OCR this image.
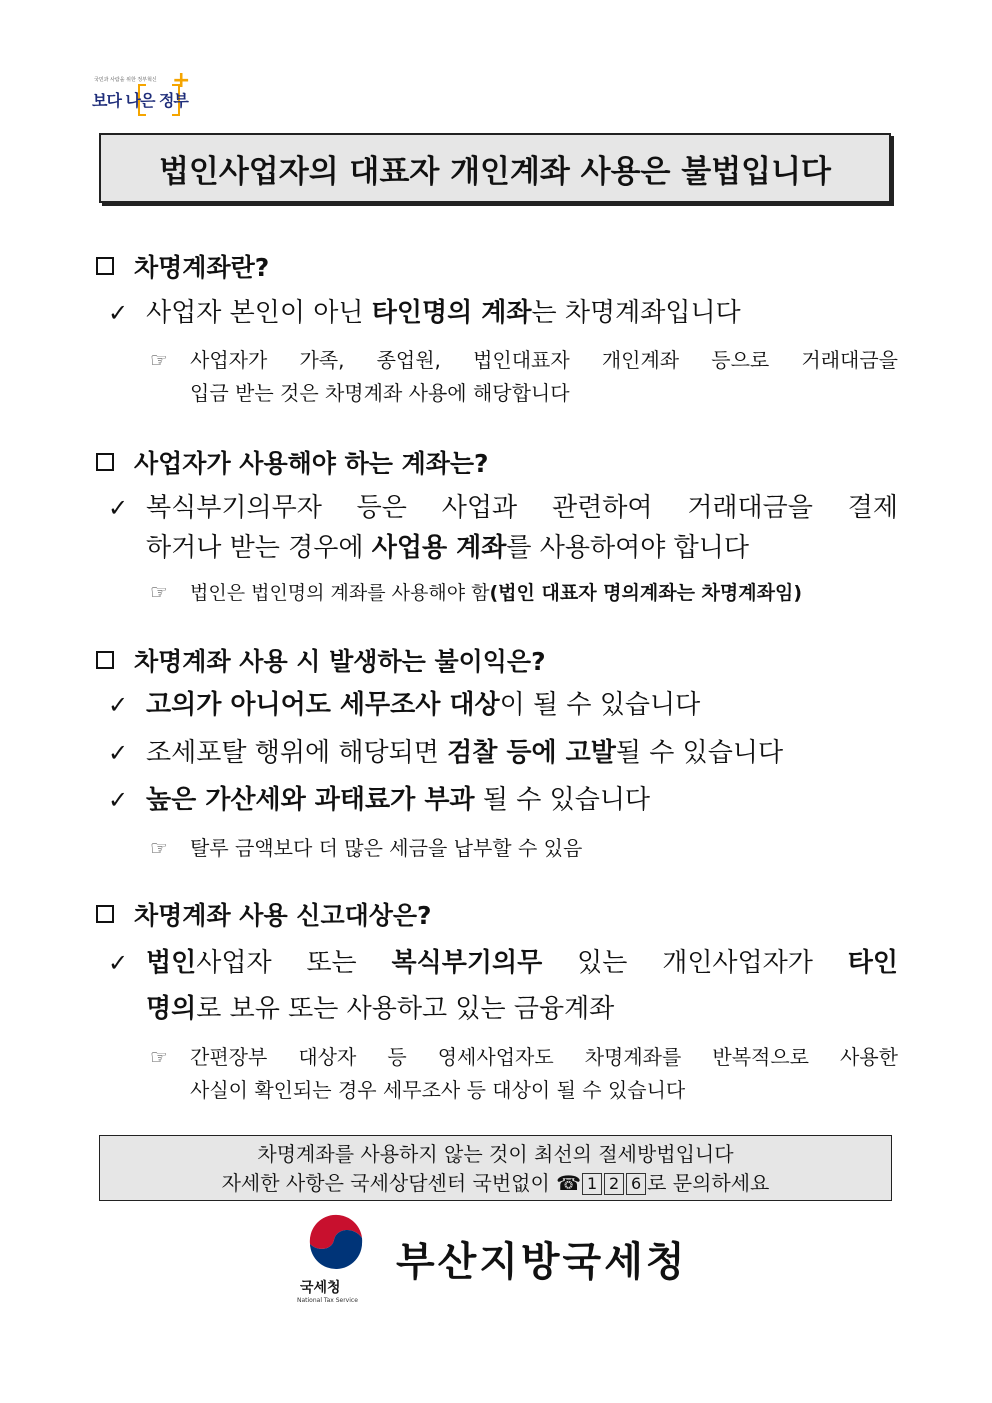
국민과 사람을 위한 정부혁신
보다 나은 정부
+
법인사업자의 대표자 개인계좌 사용은 불법입니다
차명계좌란?
✓ 사업자 본인이 아닌 타인명의 계좌는 차명계좌입니다
☞ 사업자가 가족, 종업원, 법인대표자 개인계좌 등으로 거래대금을
입금 받는 것은 차명계좌 사용에 해당합니다
사업자가 사용해야 하는 계좌는?
✓ 복식부기의무자 등은 사업과 관련하여 거래대금을 결제
하거나 받는 경우에 사업용 계좌를 사용하여야 합니다
☞ 법인은 법인명의 계좌를 사용해야 함(법인 대표자 명의계좌는 차명계좌임)
차명계좌 사용 시 발생하는 불이익은?
✓ 고의가 아니어도 세무조사 대상이 될 수 있습니다
✓ 조세포탈 행위에 해당되면 검찰 등에 고발될 수 있습니다
✓ 높은 가산세와 과태료가 부과 될 수 있습니다
☞ 탈루 금액보다 더 많은 세금을 납부할 수 있음
차명계좌 사용 신고대상은?
✓ 법인사업자 또는 복식부기의무 있는 개인사업자가 타인
명의로 보유 또는 사용하고 있는 금융계좌
☞ 간편장부 대상자 등 영세사업자도 차명계좌를 반복적으로 사용한
사실이 확인되는 경우 세무조사 등 대상이 될 수 있습니다
차명계좌를 사용하지 않는 것이 최선의 절세방법입니다
자세한 사항은 국세상담센터 국번없이 ☎ 1 2 6 로 문의하세요
국세청
National Tax Service
부산지방국세청
